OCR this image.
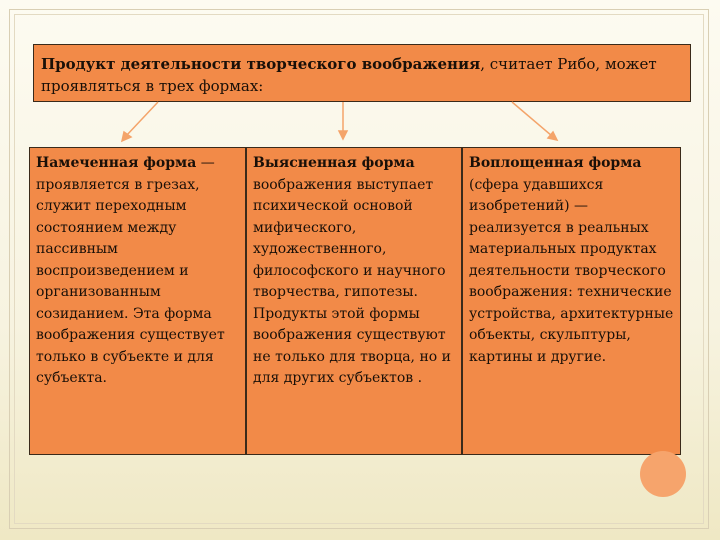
Продукт деятельности творческого воображения, считает Рибо, может проявляться в трех формах:
Намеченная форма — проявляется в грезах, служит переходным состоянием между пассивным воспроизведением и организованным созиданием. Эта форма воображения существует только в субъекте и для субъекта.
Выясненная форма воображения выступает психической основой мифического, художественного, философского и научного творчества, гипотезы. Продукты этой формы воображения существуют не только для творца, но и для других субъектов .
Воплощенная форма (сфера удавшихся изобретений) — реализуется в реальных материальных продуктах деятельности творческого воображения: технические устройства, архитектурные объекты, скульптуры, картины и другие.
